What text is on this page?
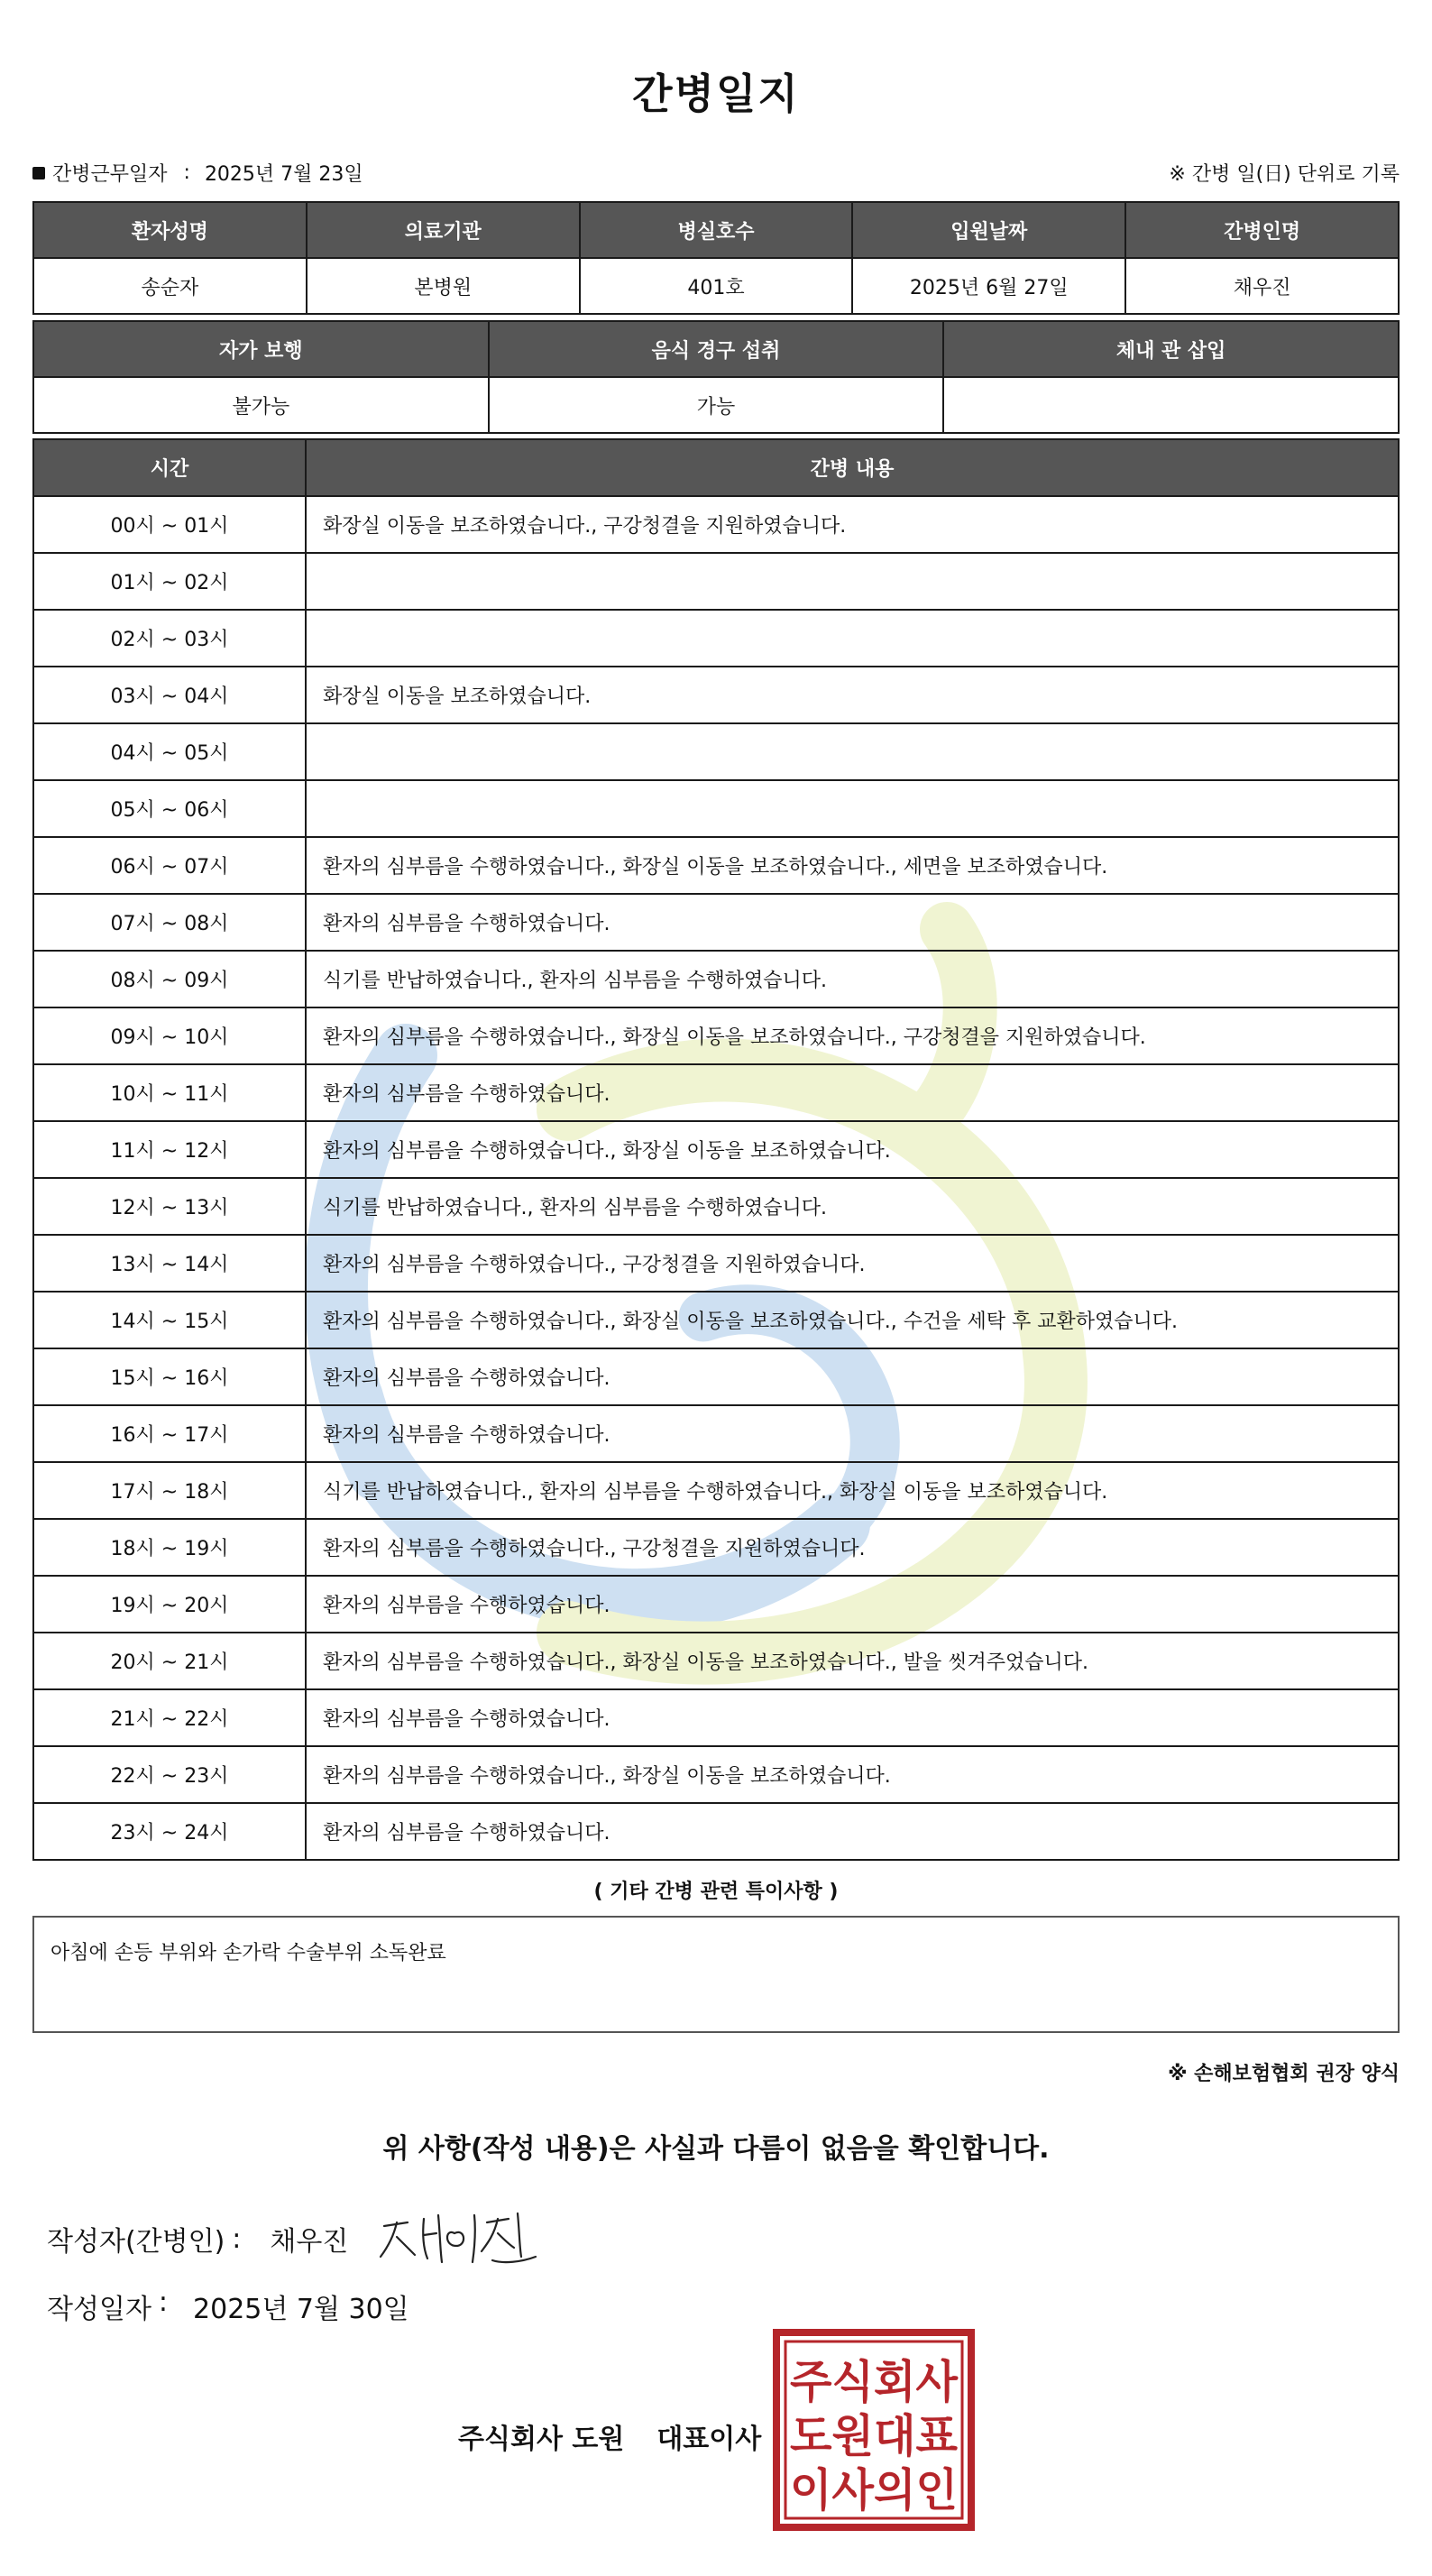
간병일지
간병근무일자 : 2025년 7월 23일	※ 간병 일(日) 단위로 기록
환자성명	의료기관	병실호수	입원날짜	간병인명
송순자	본병원	401호	2025년 6월 27일	채우진
자가 보행	음식 경구 섭취	체내 관 삽입
불가능	가능	
시간	간병 내용
00시 ~ 01시	화장실 이동을 보조하였습니다., 구강청결을 지원하였습니다.
01시 ~ 02시	
02시 ~ 03시	
03시 ~ 04시	화장실 이동을 보조하였습니다.
04시 ~ 05시	
05시 ~ 06시	
06시 ~ 07시	환자의 심부름을 수행하였습니다., 화장실 이동을 보조하였습니다., 세면을 보조하였습니다.
07시 ~ 08시	환자의 심부름을 수행하였습니다.
08시 ~ 09시	식기를 반납하였습니다., 환자의 심부름을 수행하였습니다.
09시 ~ 10시	환자의 심부름을 수행하였습니다., 화장실 이동을 보조하였습니다., 구강청결을 지원하였습니다.
10시 ~ 11시	환자의 심부름을 수행하였습니다.
11시 ~ 12시	환자의 심부름을 수행하였습니다., 화장실 이동을 보조하였습니다.
12시 ~ 13시	식기를 반납하였습니다., 환자의 심부름을 수행하였습니다.
13시 ~ 14시	환자의 심부름을 수행하였습니다., 구강청결을 지원하였습니다.
14시 ~ 15시	환자의 심부름을 수행하였습니다., 화장실 이동을 보조하였습니다., 수건을 세탁 후 교환하였습니다.
15시 ~ 16시	환자의 심부름을 수행하였습니다.
16시 ~ 17시	환자의 심부름을 수행하였습니다.
17시 ~ 18시	식기를 반납하였습니다., 환자의 심부름을 수행하였습니다., 화장실 이동을 보조하였습니다.
18시 ~ 19시	환자의 심부름을 수행하였습니다., 구강청결을 지원하였습니다.
19시 ~ 20시	환자의 심부름을 수행하였습니다.
20시 ~ 21시	환자의 심부름을 수행하였습니다., 화장실 이동을 보조하였습니다., 발을 씻겨주었습니다.
21시 ~ 22시	환자의 심부름을 수행하였습니다.
22시 ~ 23시	환자의 심부름을 수행하였습니다., 화장실 이동을 보조하였습니다.
23시 ~ 24시	환자의 심부름을 수행하였습니다.
( 기타 간병 관련 특이사항 )
아침에 손등 부위와 손가락 수술부위 소독완료
※ 손해보험협회 권장 양식
위 사항(작성 내용)은 사실과 다름이 없음을 확인합니다.
작성자(간병인) : 채우진
작성일자 : 2025년 7월 30일
주식회사 도원 대표이사
주식회사
도원대표
이사의인
